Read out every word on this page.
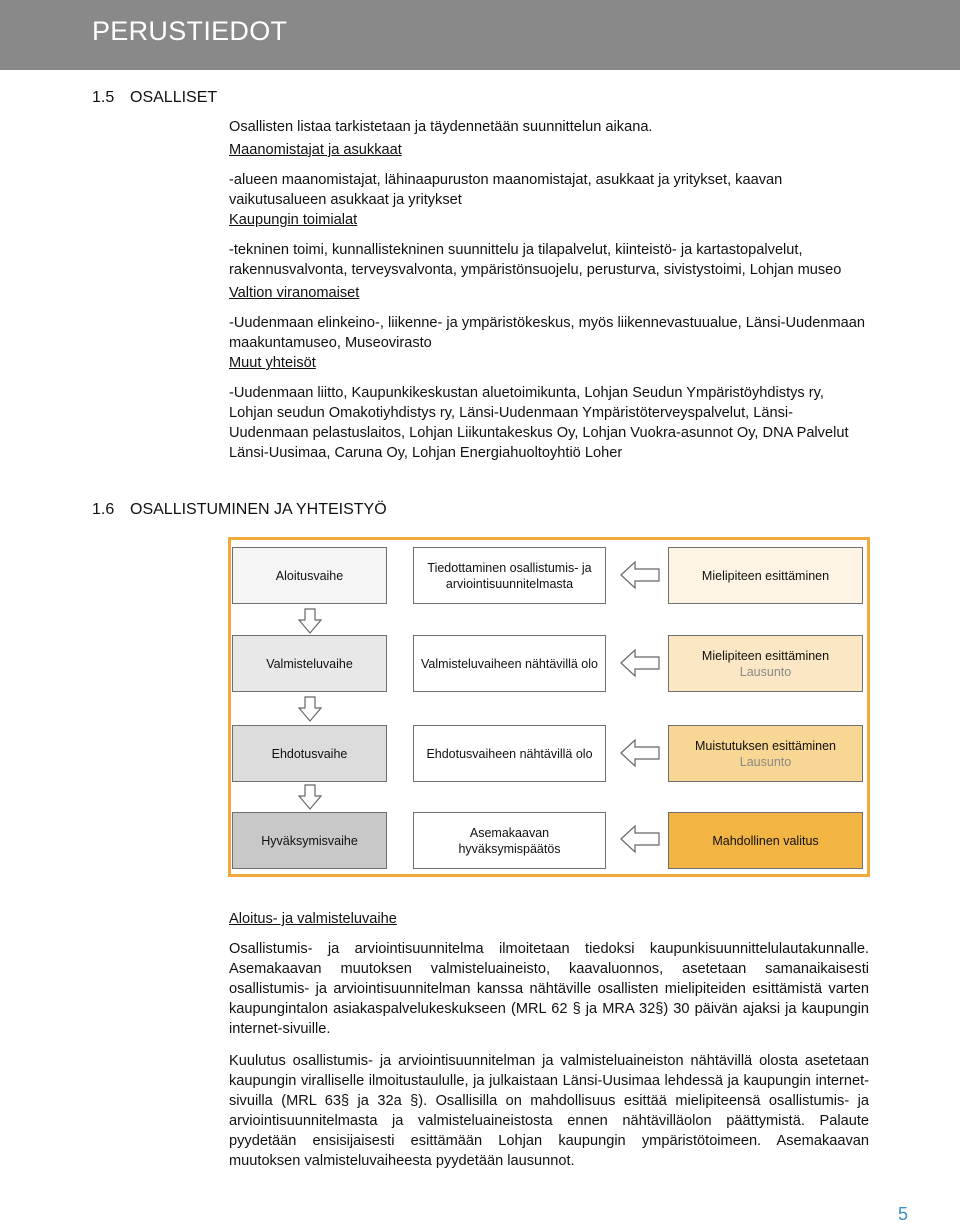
PERUSTIEDOT
1.5 OSALLISET

Osallisten listaa tarkistetaan ja täydennetään suunnittelun aikana.

Maanomistajat ja asukkaat

-alueen maanomistajat, lähinaapuruston maanomistajat, asukkaat ja yritykset, kaavan vaikutusalueen asukkaat ja yritykset

Kaupungin toimialat

-tekninen toimi, kunnallistekninen suunnittelu ja tilapalvelut, kiinteistö- ja kartastopalvelut, rakennusvalvonta, terveysvalvonta, ympäristönsuojelu, perusturva, sivistystoimi, Lohjan museo

Valtion viranomaiset

-Uudenmaan elinkeino-, liikenne- ja ympäristökeskus, myös liikennevastuualue, Länsi-Uudenmaan maakuntamuseo, Museovirasto

Muut yhteisöt

-Uudenmaan liitto, Kaupunkikeskustan aluetoimikunta, Lohjan Seudun Ympäristöyhdistys ry, Lohjan seudun Omakotiyhdistys ry, Länsi-Uudenmaan Ympäristöterveyspalvelut, Länsi-Uudenmaan pelastuslaitos, Lohjan Liikuntakeskus Oy, Lohjan Vuokra-asunnot Oy, DNA Palvelut Länsi-Uusimaa, Caruna Oy, Lohjan Energiahuoltoyhtiö Loher

1.6 OSALLISTUMINEN JA YHTEISTYÖ
Aloitusvaihe
Tiedottaminen osallistumis- ja arviointisuunnitelmasta
Mielipiteen esittäminen
Valmisteluvaihe	Valmisteluvaiheen nähtävillä olo
Mielipiteen esittäminen
Lausunto
Ehdotusvaihe	Ehdotusvaiheen nähtävillä olo
Muistutuksen esittäminen
Lausunto
Hyväksymisvaihe
Asemakaavan hyväksymispäätös
Mahdollinen valitus

Aloitus- ja valmisteluvaihe

Osallistumis- ja arviointisuunnitelma ilmoitetaan tiedoksi kaupunkisuunnittelulautakunnalle. Asemakaavan muutoksen valmisteluaineisto, kaavaluonnos, asetetaan samanaikaisesti osallistumis- ja arviointisuunnitelman kanssa nähtäville osallisten mielipiteiden esittämistä varten kaupungintalon asiakaspalvelukeskukseen (MRL 62 § ja MRA 32§) 30 päivän ajaksi ja kaupungin internet-sivuille.

Kuulutus osallistumis- ja arviointisuunnitelman ja valmisteluaineiston nähtävillä olosta asetetaan kaupungin viralliselle ilmoitustaululle, ja julkaistaan Länsi-Uusimaa lehdessä ja kaupungin internet-sivuilla (MRL 63§ ja 32a §). Osallisilla on mahdollisuus esittää mielipiteensä osallistumis- ja arviointisuunnitelmasta ja valmisteluaineistosta ennen nähtävilläolon päättymistä. Palaute pyydetään ensisijaisesti esittämään Lohjan kaupungin ympäristötoimeen. Asemakaavan muutoksen valmisteluvaiheesta pyydetään lausunnot.

5
